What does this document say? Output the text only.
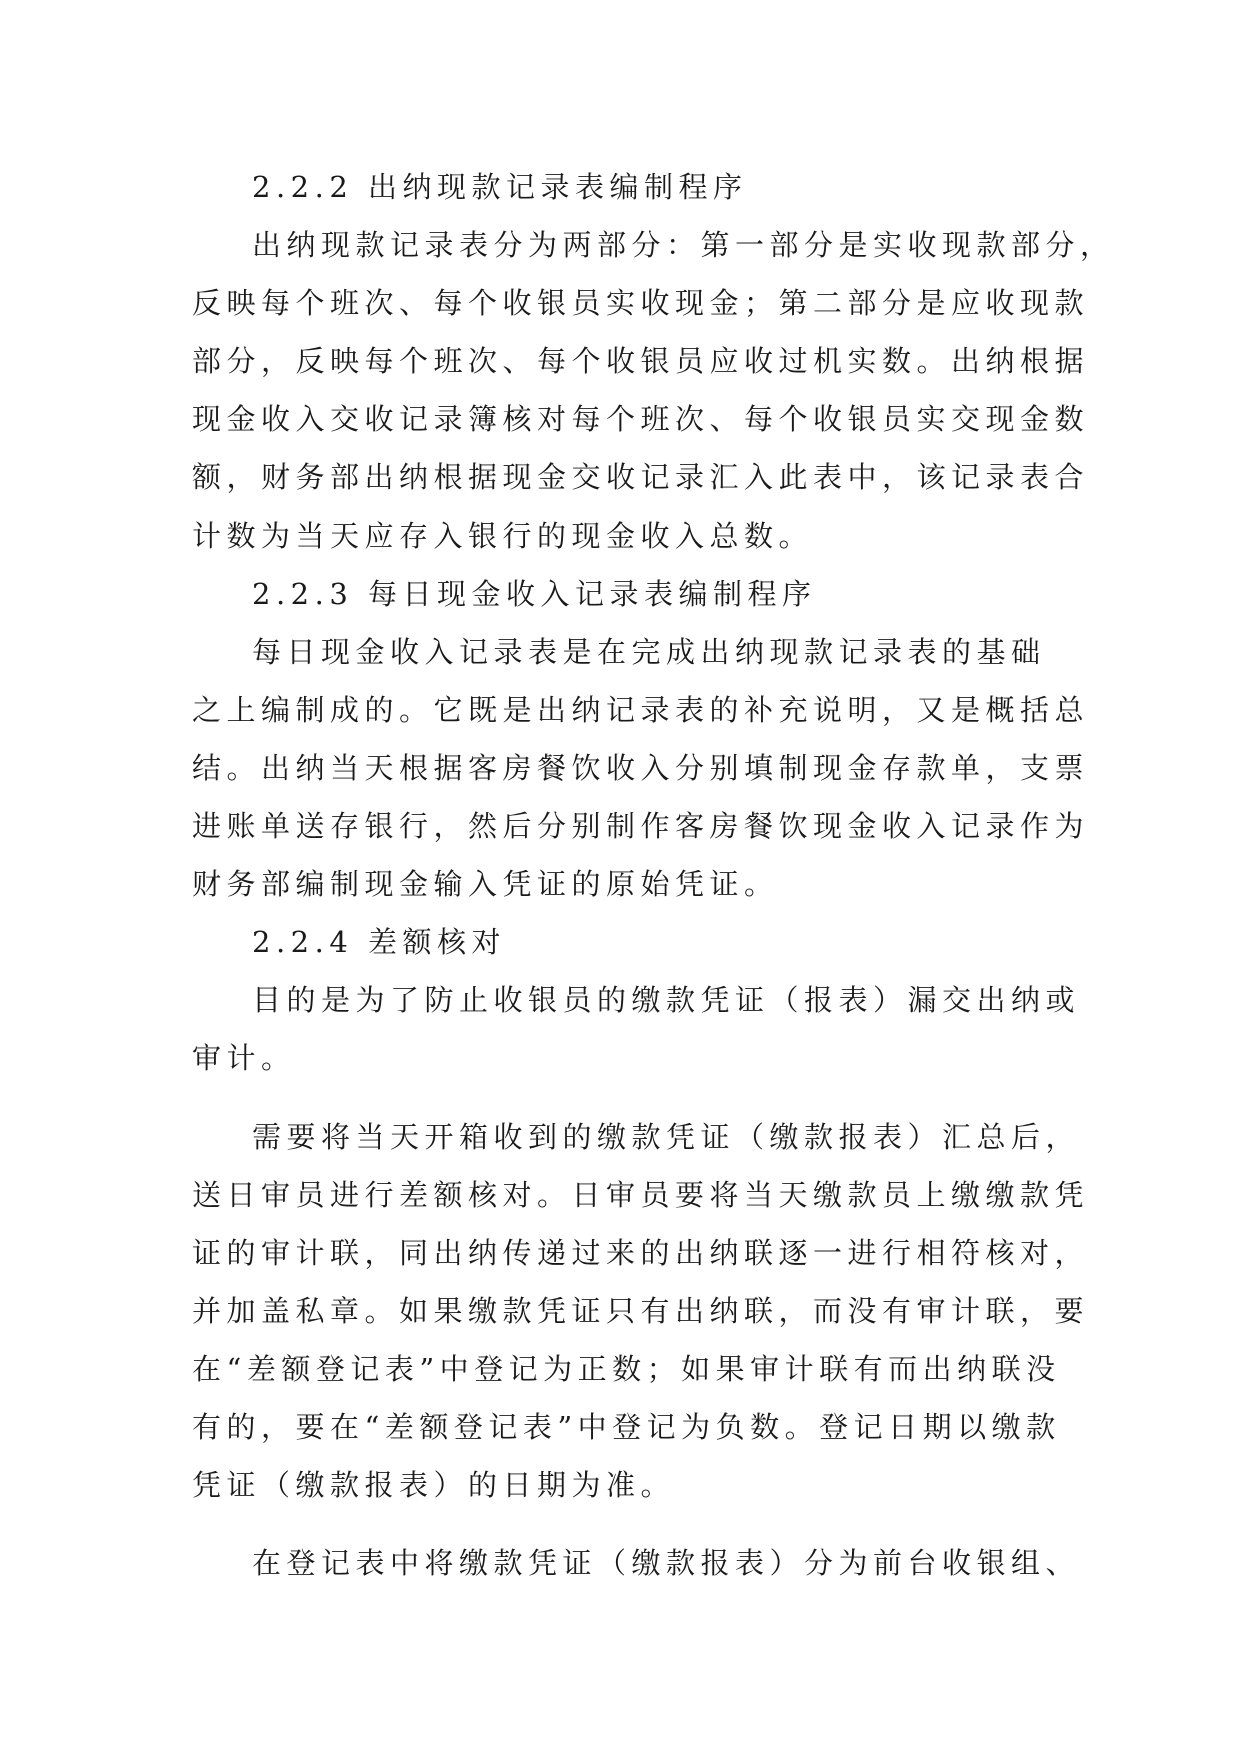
2.2.2 出纳现款记录表编制程序
出纳现款记录表分为两部分：第一部分是实收现款部分，
反映每个班次、每个收银员实收现金；第二部分是应收现款
部分，反映每个班次、每个收银员应收过机实数。出纳根据
现金收入交收记录簿核对每个班次、每个收银员实交现金数
额，财务部出纳根据现金交收记录汇入此表中，该记录表合
计数为当天应存入银行的现金收入总数。
2.2.3 每日现金收入记录表编制程序
每日现金收入记录表是在完成出纳现款记录表的基础
之上编制成的。它既是出纳记录表的补充说明，又是概括总
结。出纳当天根据客房餐饮收入分别填制现金存款单，支票
进账单送存银行，然后分别制作客房餐饮现金收入记录作为
财务部编制现金输入凭证的原始凭证。
2.2.4 差额核对
目的是为了防止收银员的缴款凭证（报表）漏交出纳或
审计。
需要将当天开箱收到的缴款凭证（缴款报表）汇总后，
送日审员进行差额核对。日审员要将当天缴款员上缴缴款凭
证的审计联，同出纳传递过来的出纳联逐一进行相符核对，
并加盖私章。如果缴款凭证只有出纳联，而没有审计联，要
在“差额登记表”中登记为正数；如果审计联有而出纳联没
有的，要在“差额登记表”中登记为负数。登记日期以缴款
凭证（缴款报表）的日期为准。
在登记表中将缴款凭证（缴款报表）分为前台收银组、
